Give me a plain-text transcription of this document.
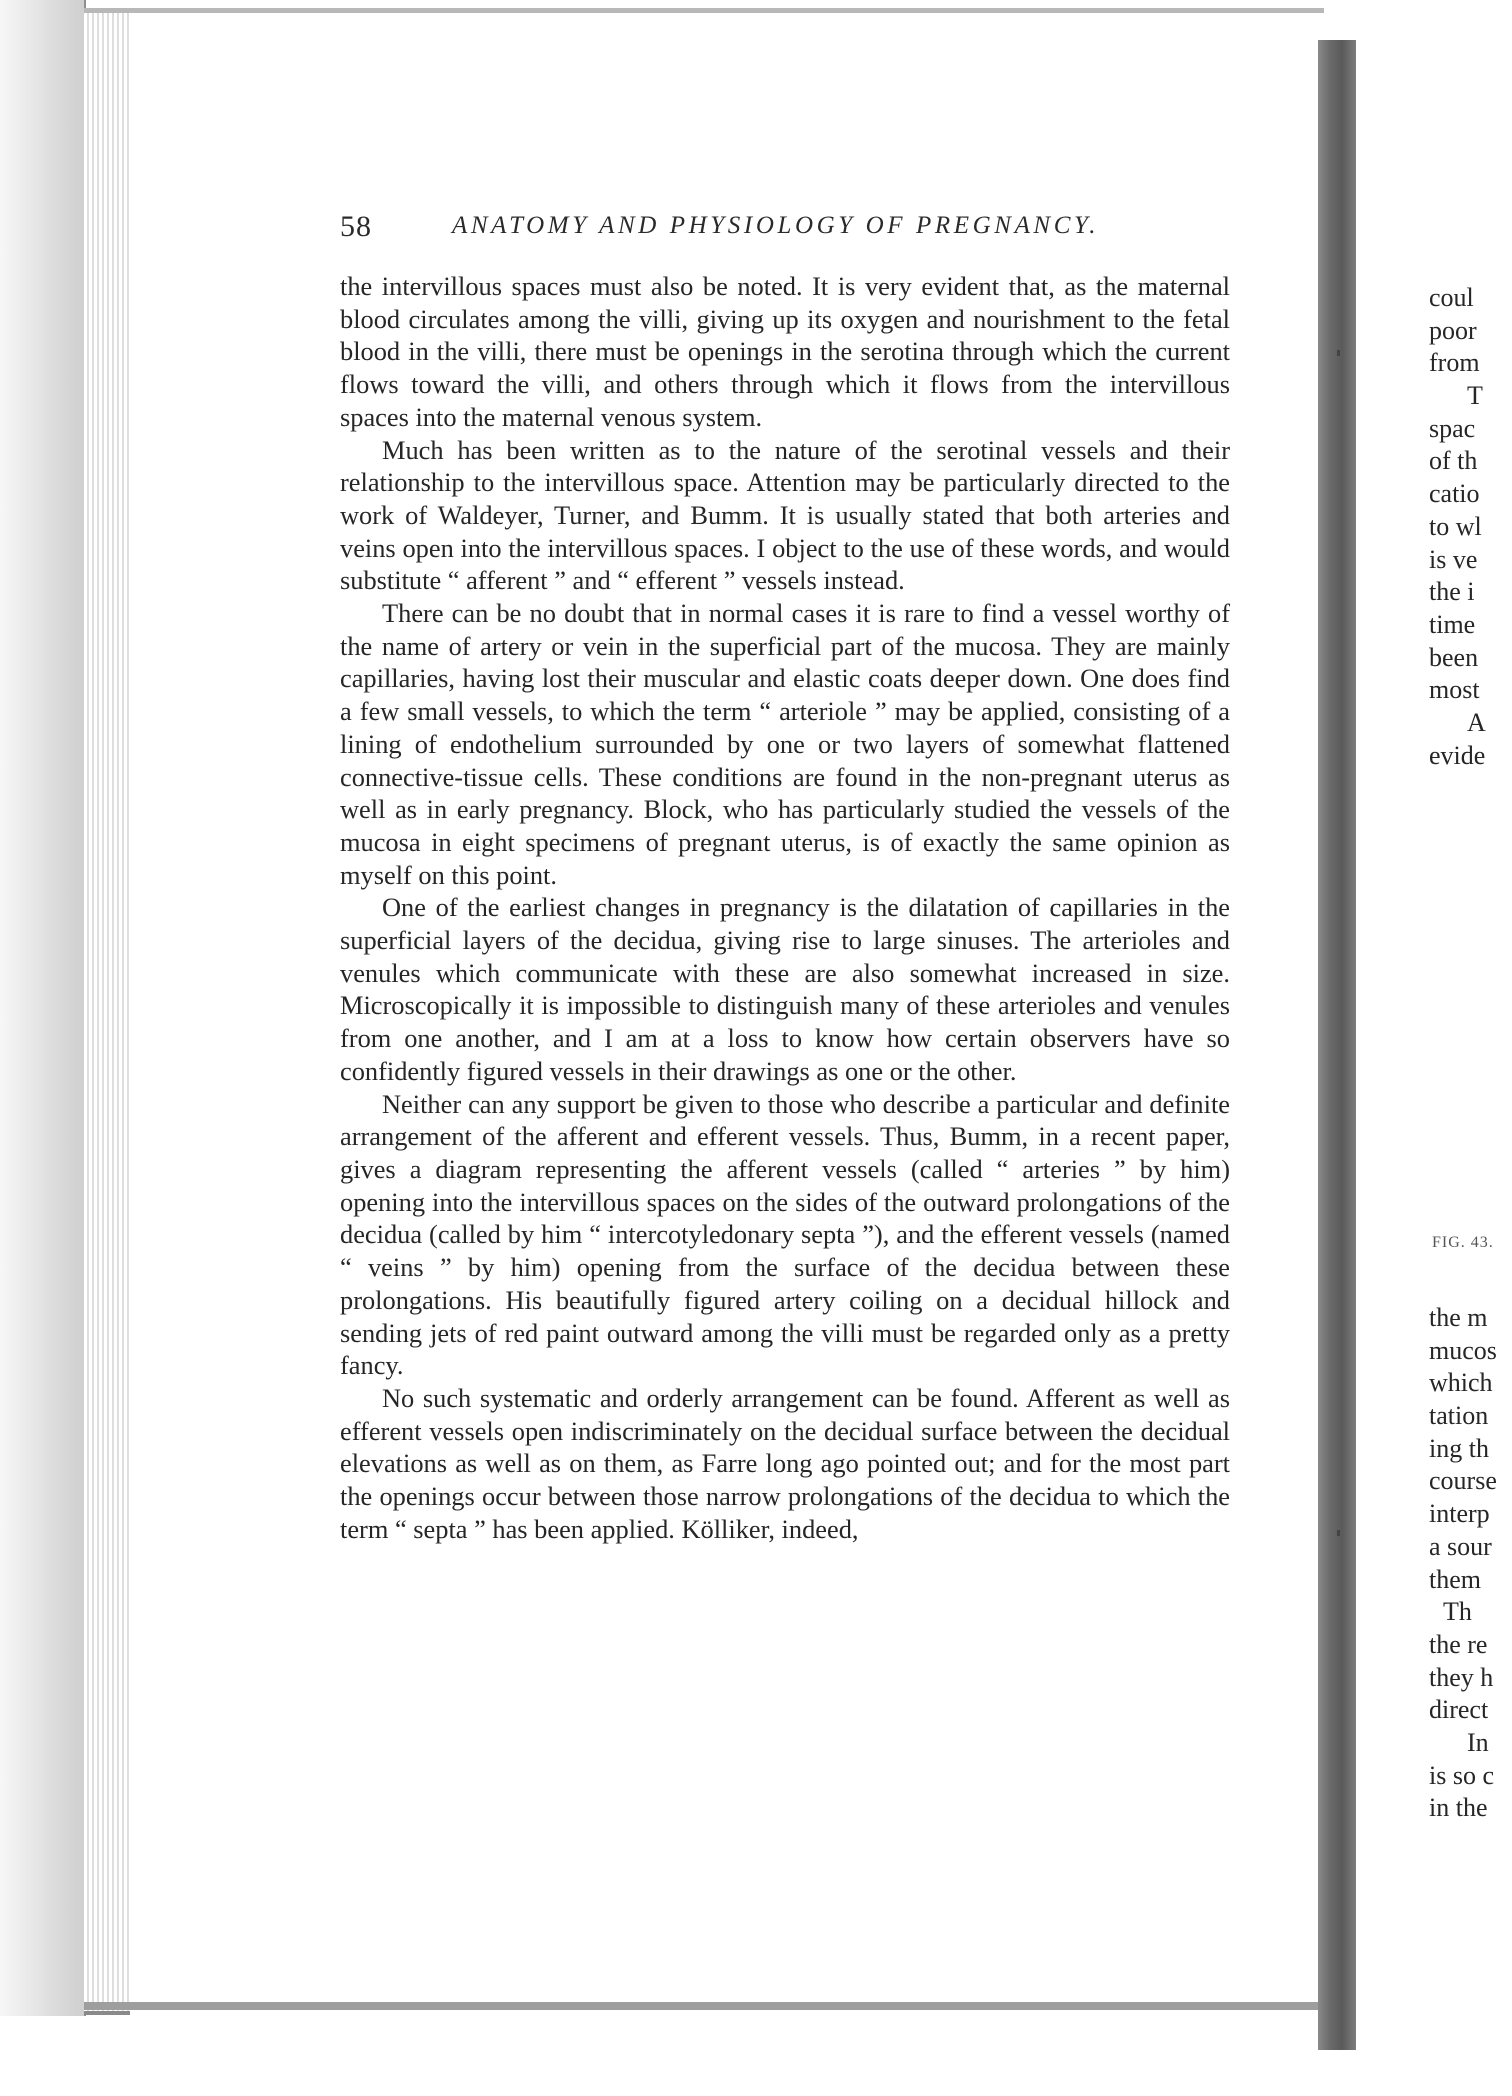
58	ANATOMY AND PHYSIOLOGY OF PREGNANCY.

the intervillous spaces must also be noted. It is very evident that, as the maternal blood circulates among the villi, giving up its oxygen and nourishment to the fetal blood in the villi, there must be openings in the serotina through which the current flows toward the villi, and others through which it flows from the intervillous spaces into the maternal venous system.

Much has been written as to the nature of the serotinal vessels and their relationship to the intervillous space. Attention may be particularly directed to the work of Waldeyer, Turner, and Bumm. It is usually stated that both arteries and veins open into the intervillous spaces. I object to the use of these words, and would substitute “ afferent ” and “ efferent ” vessels instead.

There can be no doubt that in normal cases it is rare to find a vessel worthy of the name of artery or vein in the superficial part of the mucosa. They are mainly capillaries, having lost their muscular and elastic coats deeper down. One does find a few small vessels, to which the term “ arteriole ” may be applied, consisting of a lining of endothelium surrounded by one or two layers of somewhat flattened connective-tissue cells. These conditions are found in the non-pregnant uterus as well as in early pregnancy. Block, who has particularly studied the vessels of the mucosa in eight specimens of pregnant uterus, is of exactly the same opinion as myself on this point.

One of the earliest changes in pregnancy is the dilatation of capillaries in the superficial layers of the decidua, giving rise to large sinuses. The arterioles and venules which communicate with these are also somewhat increased in size. Microscopically it is impossible to distinguish many of these arterioles and venules from one another, and I am at a loss to know how certain observers have so confidently figured vessels in their drawings as one or the other.

Neither can any support be given to those who describe a particular and definite arrangement of the afferent and efferent vessels. Thus, Bumm, in a recent paper, gives a diagram representing the afferent vessels (called “ arteries ” by him) opening into the intervillous spaces on the sides of the outward prolongations of the decidua (called by him “ intercotyledonary septa ”), and the efferent vessels (named “ veins ” by him) opening from the surface of the decidua between these prolongations. His beautifully figured artery coiling on a decidual hillock and sending jets of red paint outward among the villi must be regarded only as a pretty fancy.

No such systematic and orderly arrangement can be found. Afferent as well as efferent vessels open indiscriminately on the decidual surface between the decidual elevations as well as on them, as Farre long ago pointed out; and for the most part the openings occur between those narrow prolongations of the decidua to which the term “ septa ” has been applied. Kölliker, indeed,

coul
poor
from
T
spac
of th
catio
to wl
is ve
the i
time
been
most
A
evide
FIG. 43.
the m
mucos
which
tation
ing th
course
interp
a sour
them
Th
the re
they h
direct
In
is so c
in the
